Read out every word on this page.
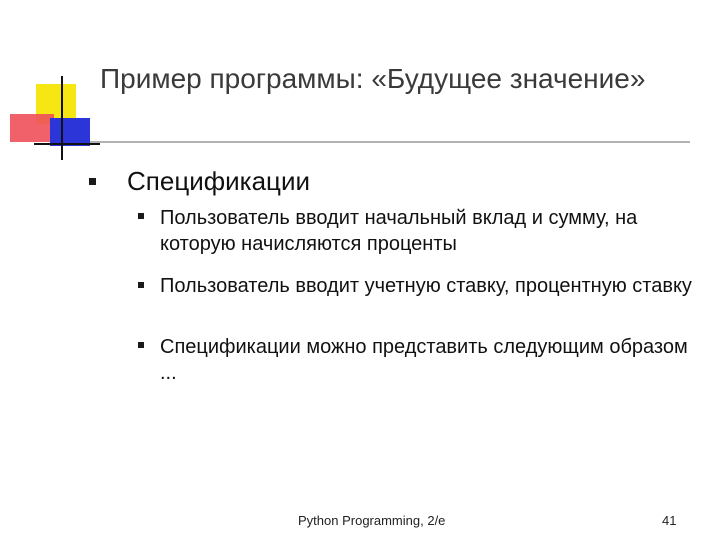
Пример программы: «Будущее значение»
Спецификации
Пользователь вводит начальный вклад и сумму, на которую начисляются проценты
Пользователь вводит учетную ставку, процентную ставку
Спецификации можно представить следующим образом ...
Python Programming, 2/e	41
